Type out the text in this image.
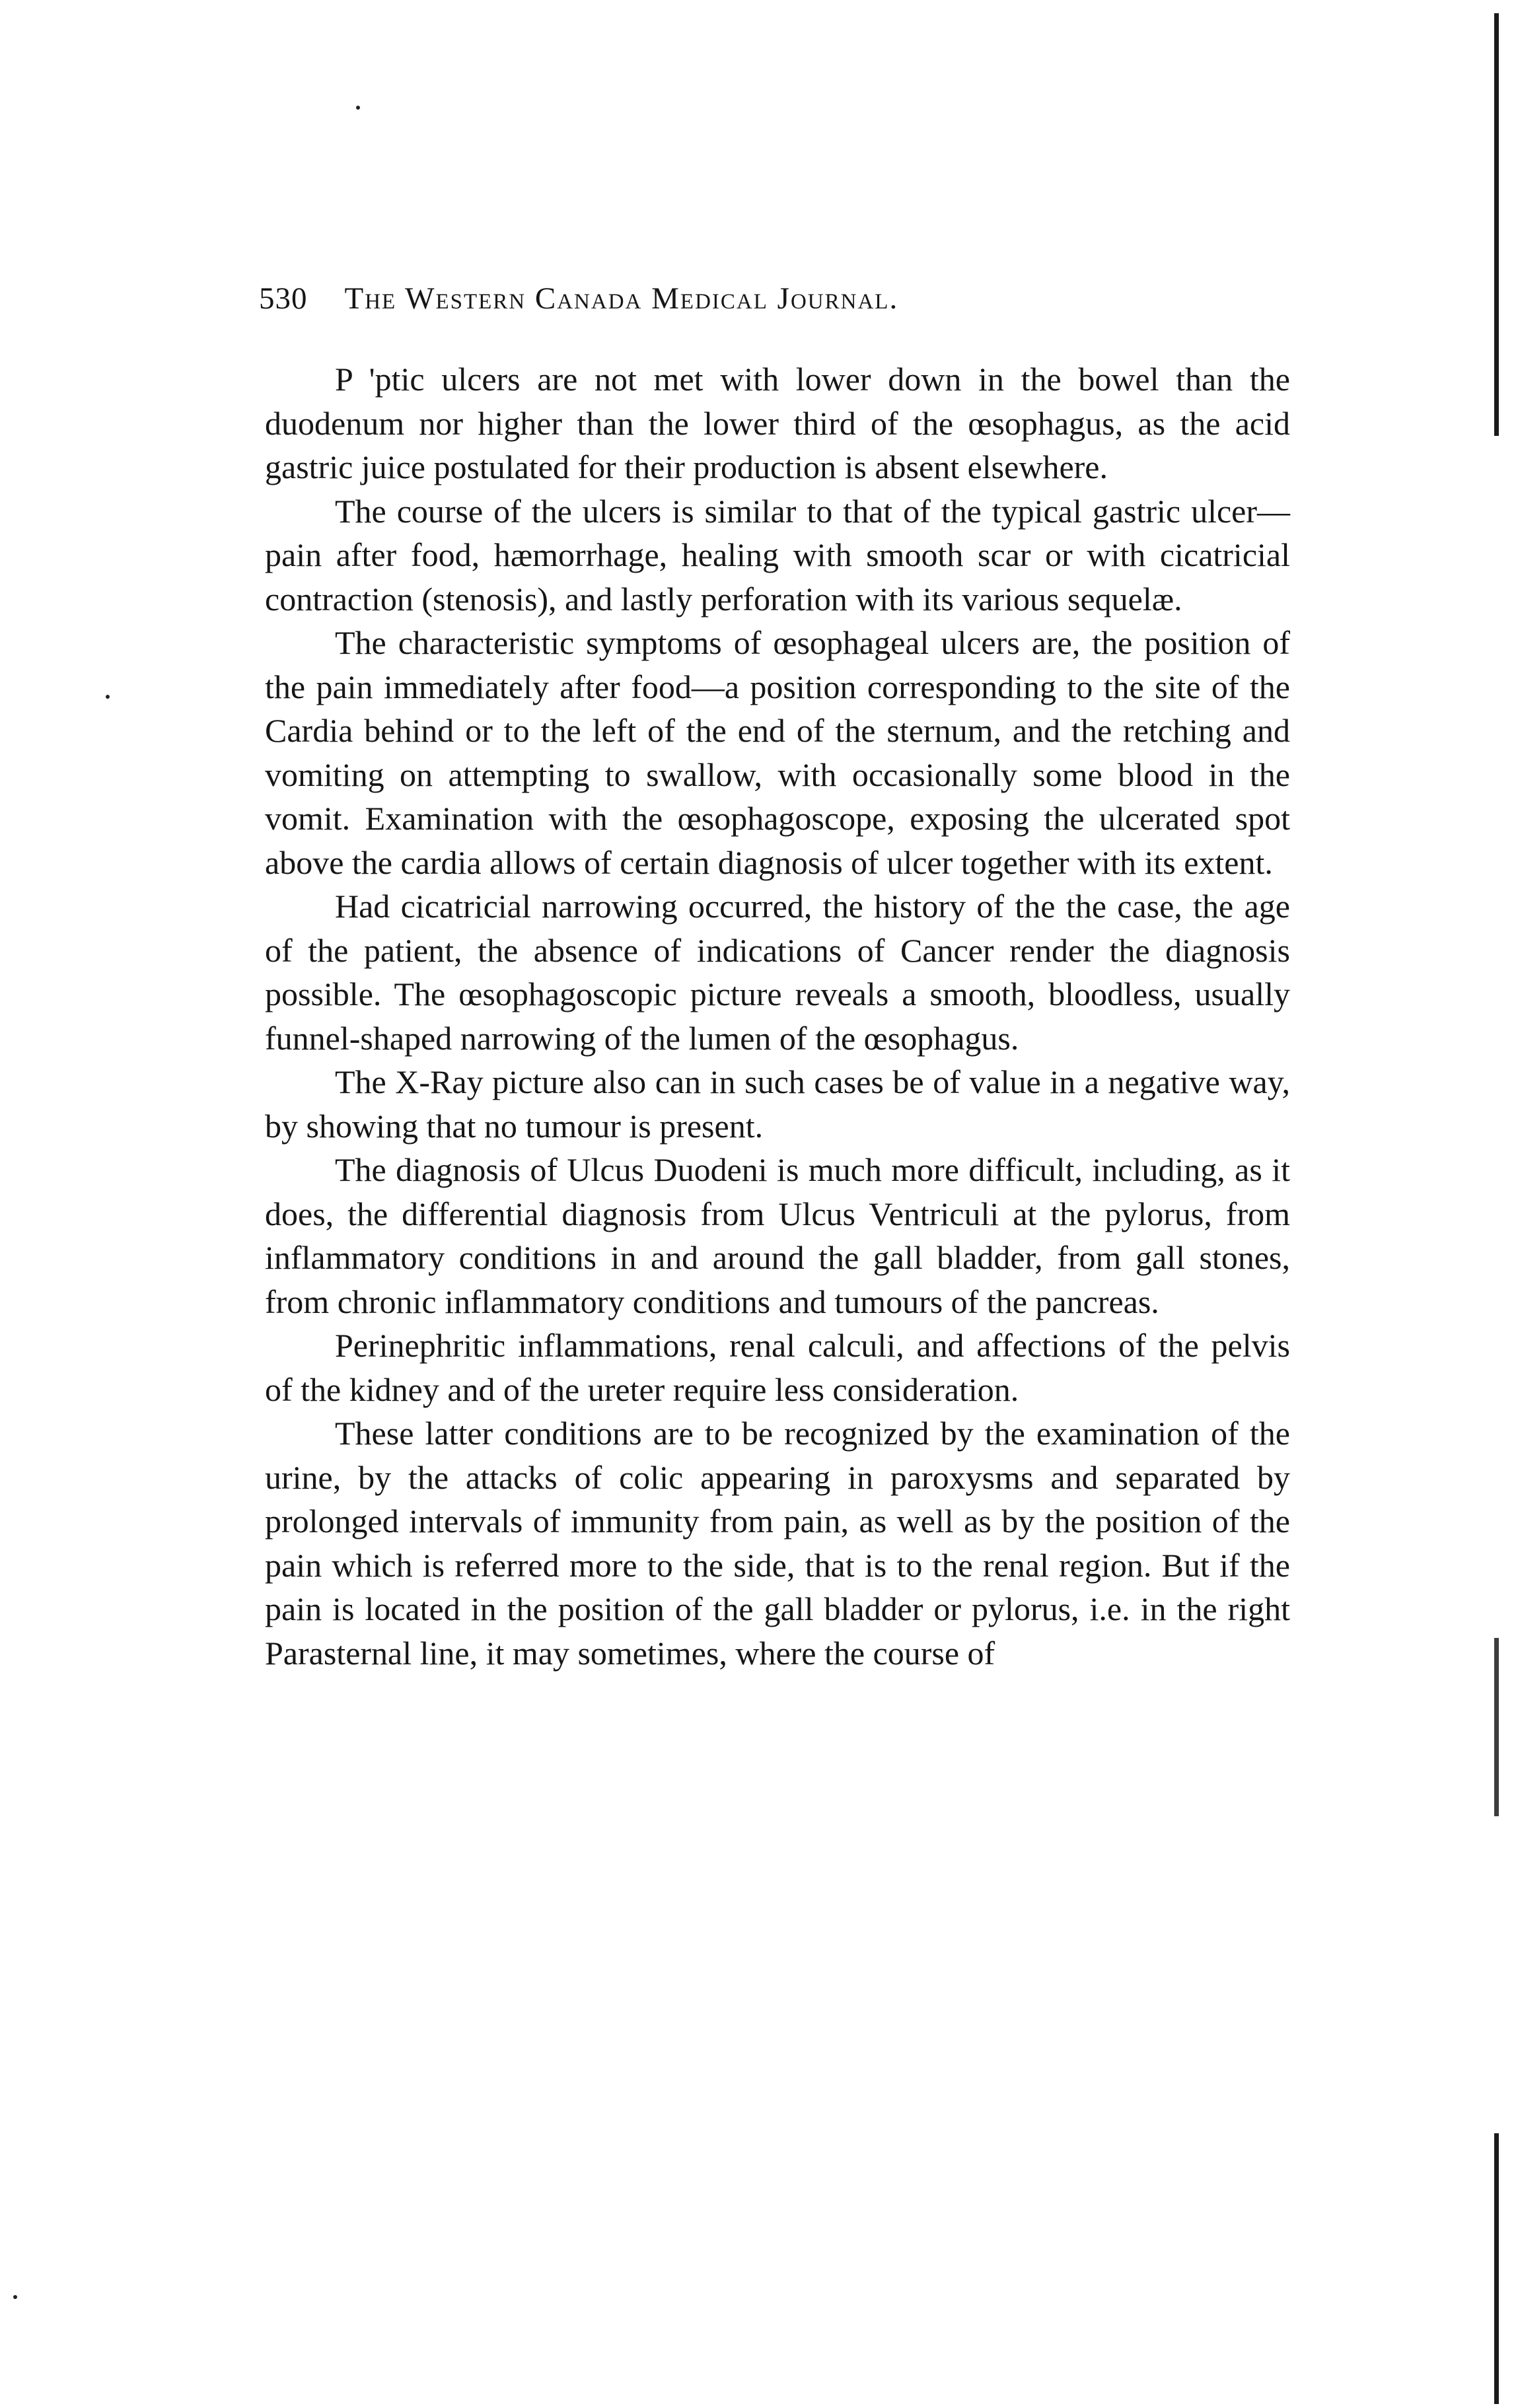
530 The Western Canada Medical Journal.

P 'ptic ulcers are not met with lower down in the bowel than the duodenum nor higher than the lower third of the œsophagus, as the acid gastric juice postulated for their production is absent elsewhere.

The course of the ulcers is similar to that of the typical gastric ulcer—pain after food, hæmorrhage, healing with smooth scar or with cicatricial contraction (stenosis), and lastly perforation with its various sequelæ.

The characteristic symptoms of œsophageal ulcers are, the position of the pain immediately after food—a position corresponding to the site of the Cardia behind or to the left of the end of the sternum, and the retching and vomiting on attempting to swallow, with occasionally some blood in the vomit. Examination with the œsophagoscope, exposing the ulcerated spot above the cardia allows of certain diagnosis of ulcer together with its extent.

Had cicatricial narrowing occurred, the history of the the case, the age of the patient, the absence of indications of Cancer render the diagnosis possible. The œsophagoscopic picture reveals a smooth, bloodless, usually funnel-shaped narrowing of the lumen of the œsophagus.

The X-Ray picture also can in such cases be of value in a negative way, by showing that no tumour is present.

The diagnosis of Ulcus Duodeni is much more difficult, including, as it does, the differential diagnosis from Ulcus Ventriculi at the pylorus, from inflammatory conditions in and around the gall bladder, from gall stones, from chronic inflammatory conditions and tumours of the pancreas.

Perinephritic inflammations, renal calculi, and affections of the pelvis of the kidney and of the ureter require less consideration.

These latter conditions are to be recognized by the examination of the urine, by the attacks of colic appearing in paroxysms and separated by prolonged intervals of immunity from pain, as well as by the position of the pain which is referred more to the side, that is to the renal region. But if the pain is located in the position of the gall bladder or pylorus, i.e. in the right Parasternal line, it may sometimes, where the course of
